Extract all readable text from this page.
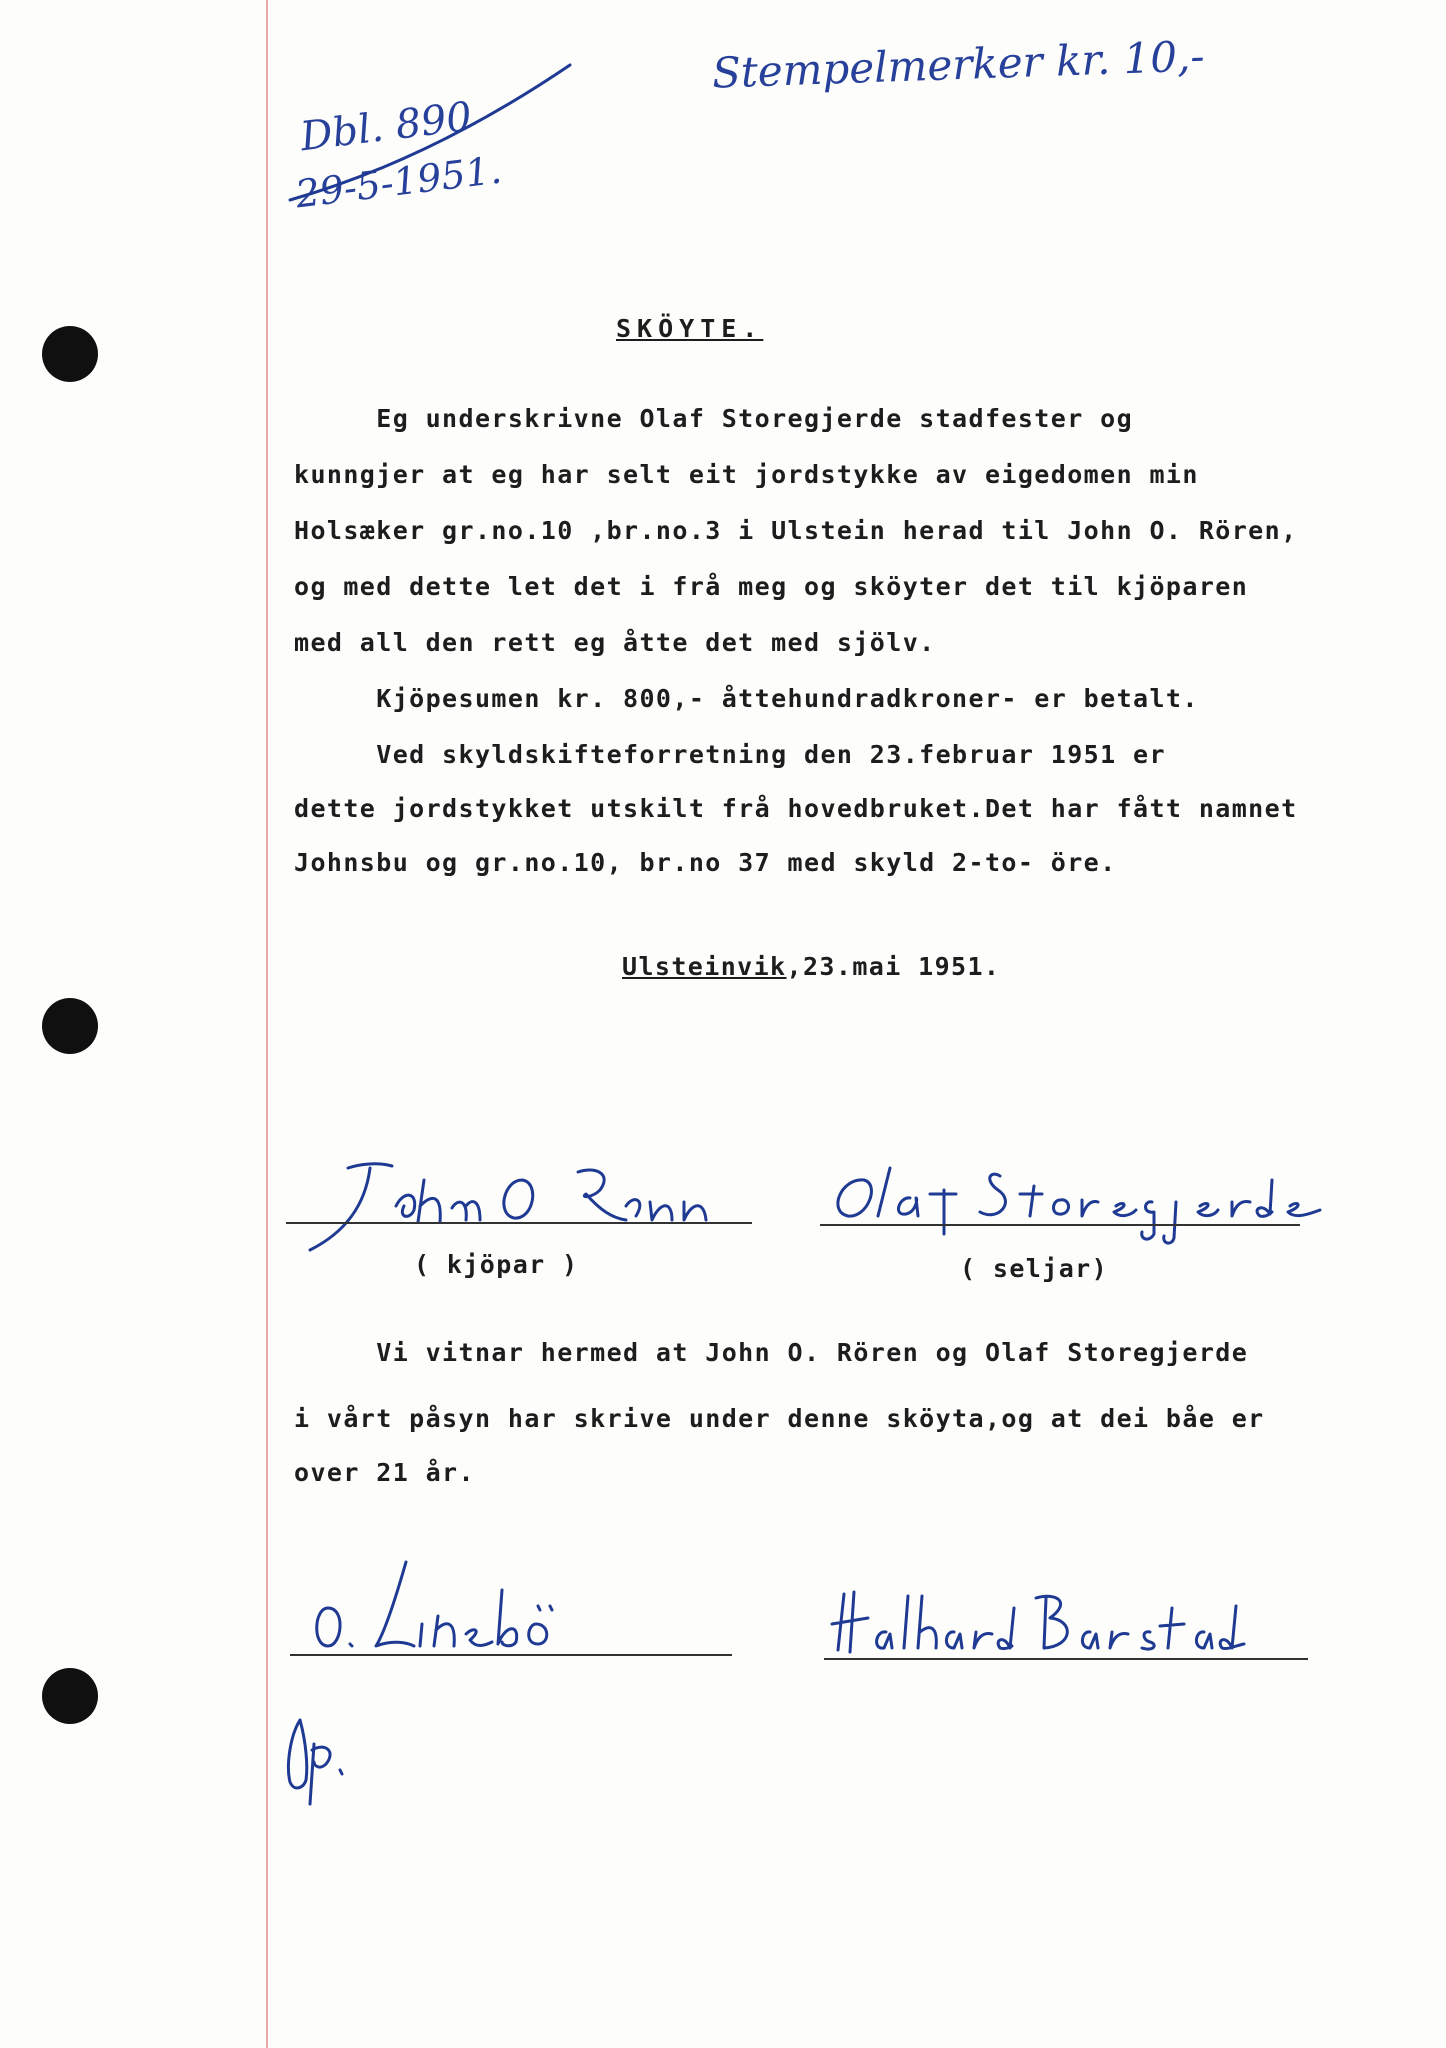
Stempelmerker kr. 10,-
Dbl. 890
29-5-1951.
SKÖYTE.
Eg underskrivne Olaf Storegjerde stadfester og
kunngjer at eg har selt eit jordstykke av eigedomen min
Holsæker gr.no.10 ,br.no.3 i Ulstein herad til John O. Rören,
og med dette let det i frå meg og sköyter det til kjöparen
med all den rett eg åtte det med sjölv.
Kjöpesumen kr. 800,- åttehundradkroner- er betalt.
Ved skyldskifteforretning den 23.februar 1951 er
dette jordstykket utskilt frå hovedbruket.Det har fått namnet
Johnsbu og gr.no.10, br.no 37 med skyld 2-to- öre.
Ulsteinvik,23.mai 1951.
( kjöpar )	( seljar)
Vi vitnar hermed at John O. Rören og Olaf Storegjerde
i vårt påsyn har skrive under denne sköyta,og at dei båe er
over 21 år.
